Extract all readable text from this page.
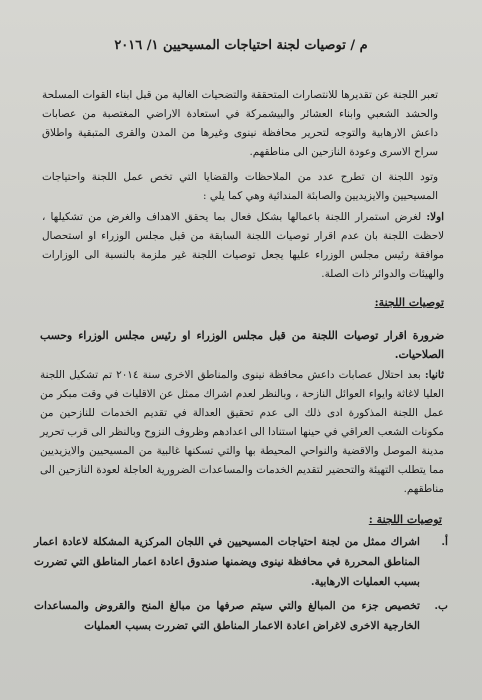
م / توصيات لجنة احتياجات المسيحيين ١/ ٢٠١٦
تعبر اللجنة عن تقديرها للانتصارات المتحققة والتضحيات الغالية من قبل ابناء القوات المسلحة والحشد الشعبي وابناء العشائر والبيشمركة في استعادة الاراضي المغتصبة من عصابات داعش الارهابية والتوجه لتحرير محافظة نينوى وغيرها من المدن والقرى المتبقية واطلاق سراح الاسرى وعودة النازحين الى مناطقهم.
وتود اللجنة ان تطرح عدد من الملاحظات والقضايا التي تخص عمل اللجنة واحتياجات المسيحيين والايزيديين والصابئة المندائية وهي كما يلي :
اولا: لغرض استمرار اللجنة باعمالها بشكل فعال بما يحقق الاهداف والغرض من تشكيلها ، لاحظت اللجنة بان عدم اقرار توصيات اللجنة السابقة من قبل مجلس الوزراء او استحصال موافقة رئيس مجلس الوزراء عليها يجعل توصيات اللجنة غير ملزمة بالنسبة الى الوزارات والهيئات والدوائر ذات الصلة.
توصيات اللجنة:
ضرورة اقرار توصيات اللجنة من قبل مجلس الوزراء او رئيس مجلس الوزراء وحسب الصلاحيات.
ثانيا: بعد احتلال عصابات داعش محافظة نينوى والمناطق الاخرى سنة ٢٠١٤ تم تشكيل اللجنة العليا لاغاثة وايواء العوائل النازحة ، وبالنظر لعدم اشراك ممثل عن الاقليات في وقت مبكر من عمل اللجنة المذكورة ادى ذلك الى عدم تحقيق العدالة في تقديم الخدمات للنازحين من مكونات الشعب العراقي في حينها استنادا الى اعدادهم وظروف النزوح وبالنظر الى قرب تحرير مدينة الموصل والاقضية والنواحي المحيطة بها والتي تسكنها غالبية من المسيحيين والايزيديين مما يتطلب التهيئة والتحضير لتقديم الخدمات والمساعدات الضرورية العاجلة لعودة النازحين الى مناطقهم.
توصيات اللجنة :
أ.
اشراك ممثل من لجنة احتياجات المسيحيين في اللجان المركزية المشكلة لاعادة اعمار المناطق المحررة في محافظة نينوى ويضمنها صندوق اعادة اعمار المناطق التي تضررت بسبب العمليات الارهابية.
ب.
تخصيص جزء من المبالغ والتي سيتم صرفها من مبالغ المنح والقروض والمساعدات الخارجية الاخرى لاغراض اعادة الاعمار المناطق التي تضررت بسبب العمليات
